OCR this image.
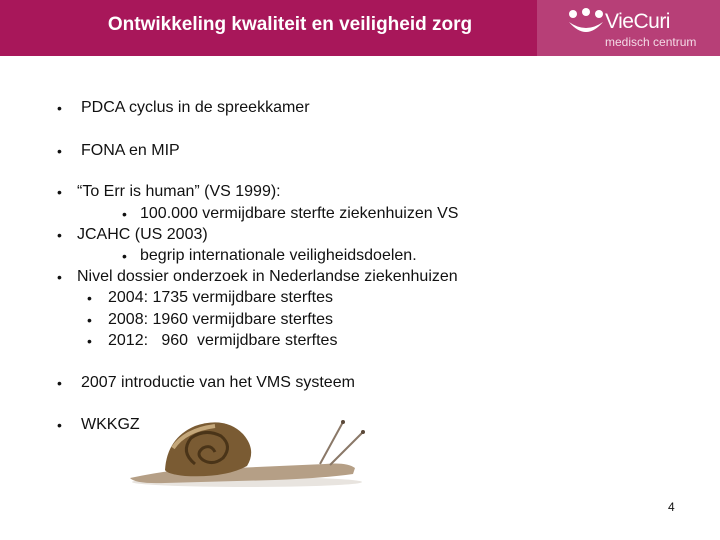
Ontwikkeling kwaliteit en veiligheid zorg	VieCuri
medisch centrum
• PDCA cyclus in de spreekkamer
• FONA en MIP
• “To Err is human” (VS 1999):
• 100.000 vermijdbare sterfte ziekenhuizen VS
• JCAHC (US 2003)
• begrip internationale veiligheidsdoelen.
• Nivel dossier onderzoek in Nederlandse ziekenhuizen
• 2004: 1735 vermijdbare sterftes
• 2008: 1960 vermijdbare sterftes
• 2012:   960  vermijdbare sterftes
• 2007 introductie van het VMS systeem
• WKKGZ
4
